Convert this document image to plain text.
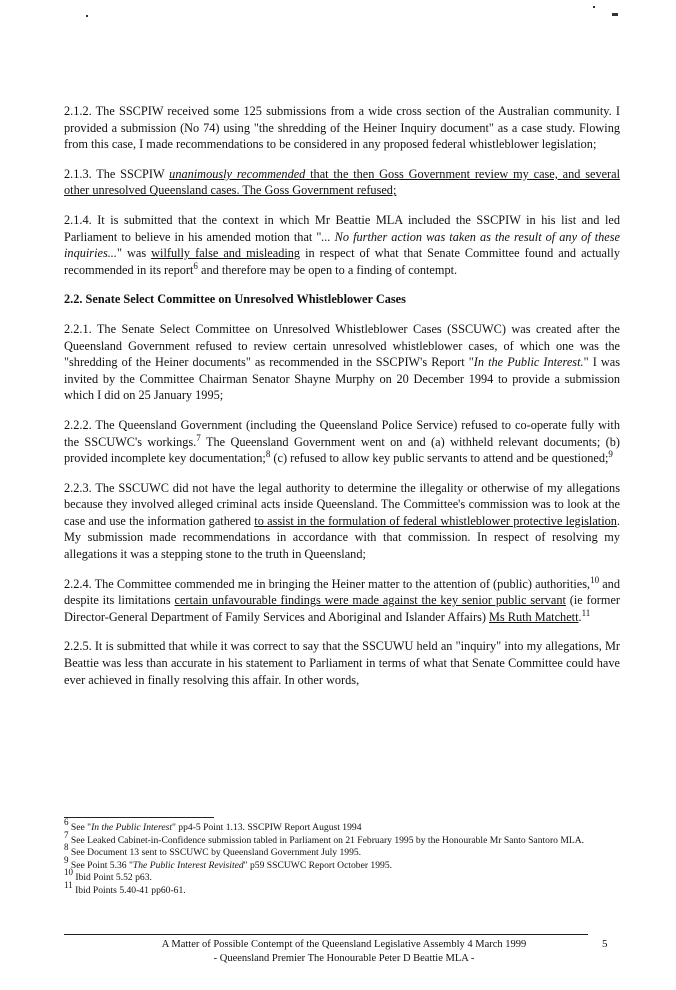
2.1.2. The SSCPIW received some 125 submissions from a wide cross section of the Australian community. I provided a submission (No 74) using "the shredding of the Heiner Inquiry document" as a case study. Flowing from this case, I made recommendations to be considered in any proposed federal whistleblower legislation;

2.1.3. The SSCPIW unanimously recommended that the then Goss Government review my case, and several other unresolved Queensland cases. The Goss Government refused;

2.1.4. It is submitted that the context in which Mr Beattie MLA included the SSCPIW in his list and led Parliament to believe in his amended motion that "... No further action was taken as the result of any of these inquiries..." was wilfully false and misleading in respect of what that Senate Committee found and actually recommended in its report$^6$ and therefore may be open to a finding of contempt.

2.2. Senate Select Committee on Unresolved Whistleblower Cases

2.2.1. The Senate Select Committee on Unresolved Whistleblower Cases (SSCUWC) was created after the Queensland Government refused to review certain unresolved whistleblower cases, of which one was the "shredding of the Heiner documents" as recommended in the SSCPIW's Report "In the Public Interest." I was invited by the Committee Chairman Senator Shayne Murphy on 20 December 1994 to provide a submission which I did on 25 January 1995;

2.2.2. The Queensland Government (including the Queensland Police Service) refused to co-operate fully with the SSCUWC's workings.$^7$ The Queensland Government went on and (a) withheld relevant documents; (b) provided incomplete key documentation;$^8$ (c) refused to allow key public servants to attend and be questioned;$^9$

2.2.3. The SSCUWC did not have the legal authority to determine the illegality or otherwise of my allegations because they involved alleged criminal acts inside Queensland. The Committee's commission was to look at the case and use the information gathered to assist in the formulation of federal whistleblower protective legislation. My submission made recommendations in accordance with that commission. In respect of resolving my allegations it was a stepping stone to the truth in Queensland;

2.2.4. The Committee commended me in bringing the Heiner matter to the attention of (public) authorities,$^{10}$ and despite its limitations certain unfavourable findings were made against the key senior public servant (ie former Director-General Department of Family Services and Aboriginal and Islander Affairs) Ms Ruth Matchett.$^{11}$

2.2.5. It is submitted that while it was correct to say that the SSCUWU held an "inquiry" into my allegations, Mr Beattie was less than accurate in his statement to Parliament in terms of what that Senate Committee could have ever achieved in finally resolving this affair. In other words,

$^6$ See "In the Public Interest" pp4-5 Point 1.13. SSCPIW Report August 1994

$^7$ See Leaked Cabinet-in-Confidence submission tabled in Parliament on 21 February 1995 by the Honourable Mr Santo Santoro MLA.

$^8$ See Document 13 sent to SSCUWC by Queensland Government July 1995.

$^9$ See Point 5.36 "The Public Interest Revisited" p59 SSCUWC Report October 1995.

$^{10}$ Ibid Point 5.52 p63.

$^{11}$ Ibid Points 5.40-41 pp60-61.

A Matter of Possible Contempt of the Queensland Legislative Assembly 4 March 1999
- Queensland Premier The Honourable Peter D Beattie MLA -
5
